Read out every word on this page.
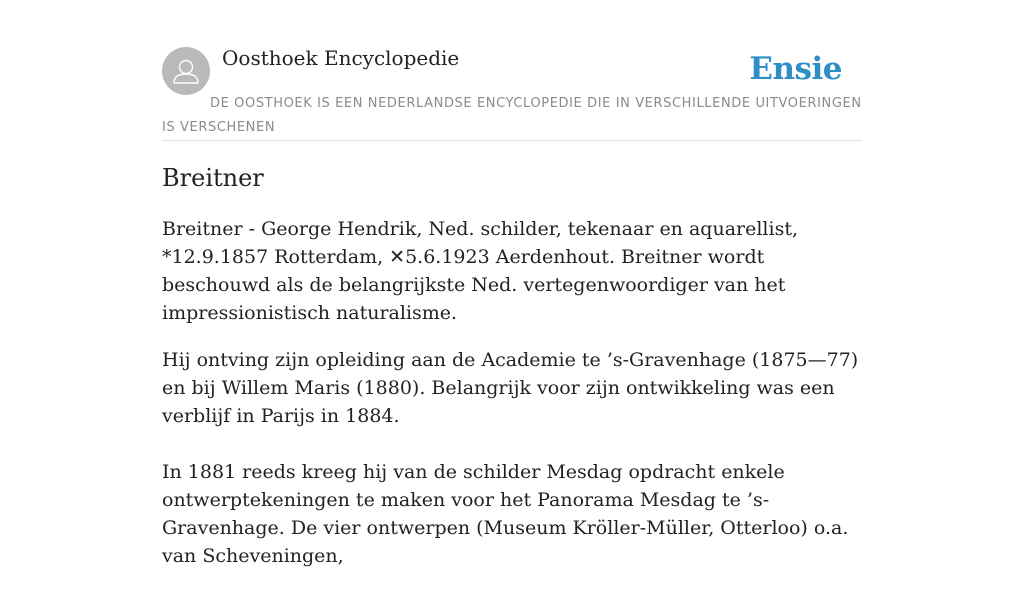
Oosthoek Encyclopedie	Ensie
DE OOSTHOEK IS EEN NEDERLANDSE ENCYCLOPEDIE DIE IN VERSCHILLENDE UITVOERINGEN IS VERSCHENEN
Breitner

Breitner - George Hendrik, Ned. schilder, tekenaar en aquarellist, *12.9.1857 Rotterdam, ✕5.6.1923 Aerdenhout. Breitner wordt beschouwd als de belangrijkste Ned. vertegenwoordiger van het impressionistisch naturalisme.

Hij ontving zijn opleiding aan de Academie te ’s-Gravenhage (1875—77) en bij Willem Maris (1880). Belangrijk voor zijn ontwikkeling was een verblijf in Parijs in 1884.

In 1881 reeds kreeg hij van de schilder Mesdag opdracht enkele ontwerptekeningen te maken voor het Panorama Mesdag te ’s-Gravenhage. De vier ontwerpen (Museum Kröller-Müller, Otterloo) o.a. van Scheveningen,
